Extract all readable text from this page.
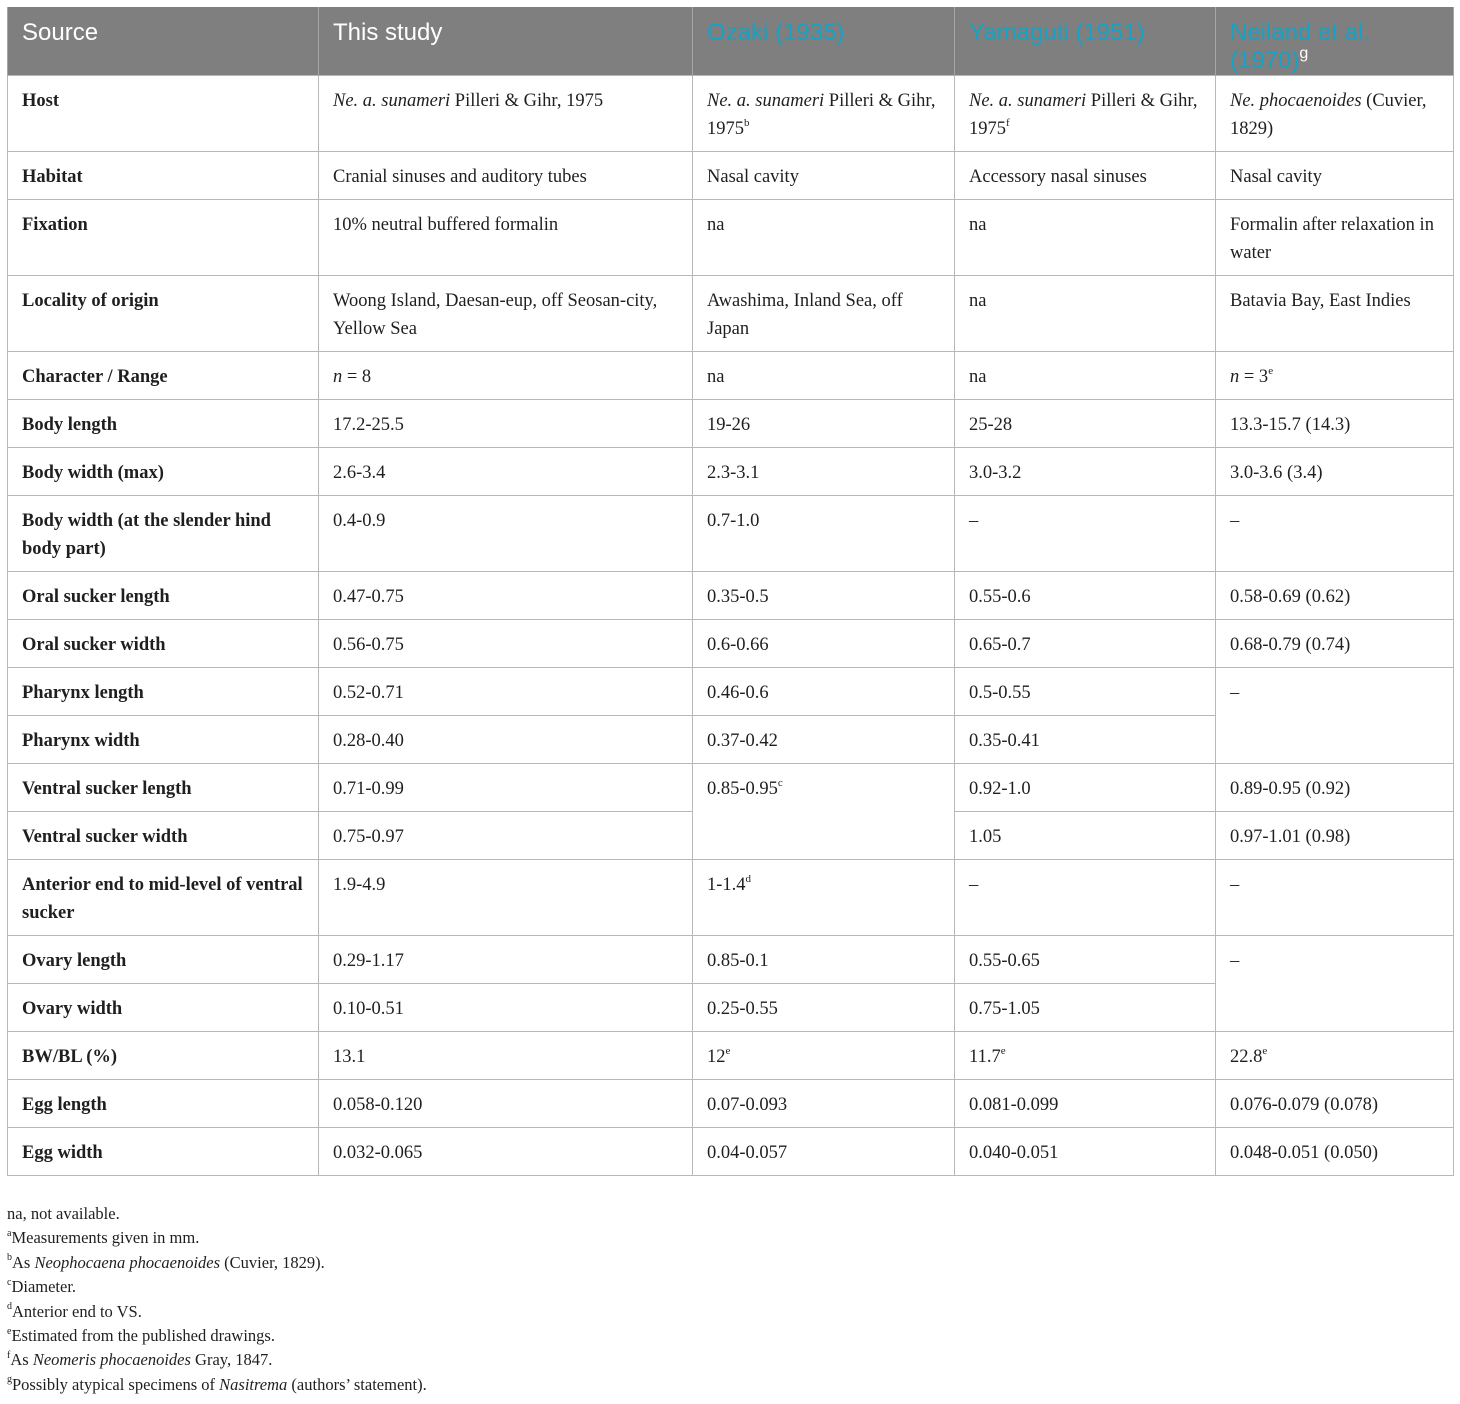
Source	This study	Ozaki (1935)	Yamaguti (1951)	Neiland et al. $(1970)^g$
Host	Ne. a. sunameri Pilleri & Gihr, 1975	Ne. a. sunameri Pilleri & Gihr, 1975$^b$	Ne. a. sunameri Pilleri & Gihr, 1975$^f$	Ne. phocaenoides (Cuvier, 1829)
Habitat	Cranial sinuses and auditory tubes	Nasal cavity	Accessory nasal sinuses	Nasal cavity
Fixation	10% neutral buffered formalin	na	na	Formalin after relaxation in water
Locality of origin	Woong Island, Daesan-eup, off Seosan-city, Yellow Sea	Awashima, Inland Sea, off Japan	na	Batavia Bay, East Indies
Character / Range	n = 8	na	na	$n = 3^e$
Body length	17.2-25.5	19-26	25-28	13.3-15.7 (14.3)
Body width (max)	2.6-3.4	2.3-3.1	3.0-3.2	3.0-3.6 (3.4)
Body width (at the slender hind body part)	0.4-0.9	0.7-1.0	–	–
Oral sucker length	0.47-0.75	0.35-0.5	0.55-0.6	0.58-0.69 (0.62)
Oral sucker width	0.56-0.75	0.6-0.66	0.65-0.7	0.68-0.79 (0.74)
Pharynx length	0.52-0.71	0.46-0.6	0.5-0.55	–
Pharynx width	0.28-0.40	0.37-0.42	0.35-0.41	
Ventral sucker length	0.71-0.99	0.85-0.95$^c$	0.92-1.0	0.89-0.95 (0.92)
Ventral sucker width	0.75-0.97		1.05	0.97-1.01 (0.98)
Anterior end to mid-level of ventral sucker	1.9-4.9	1-1.4$^d$	–	–
Ovary length	0.29-1.17	0.85-0.1	0.55-0.65	–
Ovary width	0.10-0.51	0.25-0.55	0.75-1.05	
BW/BL (%)	13.1	12e	11.7e	22.8e
Egg length	0.058-0.120	0.07-0.093	0.081-0.099	0.076-0.079 (0.078)
Egg width	0.032-0.065	0.04-0.057	0.040-0.051	0.048-0.051 (0.050)
na, not available.
$^a$Measurements given in mm.
$^b$As Neophocaena phocaenoides (Cuvier, 1829).
$^c$Diameter.
$^d$Anterior end to VS.
$^e$Estimated from the published drawings.
$^f$As Neomeris phocaenoides Gray, 1847.
$^g$Possibly atypical specimens of Nasitrema (authors’ statement).
